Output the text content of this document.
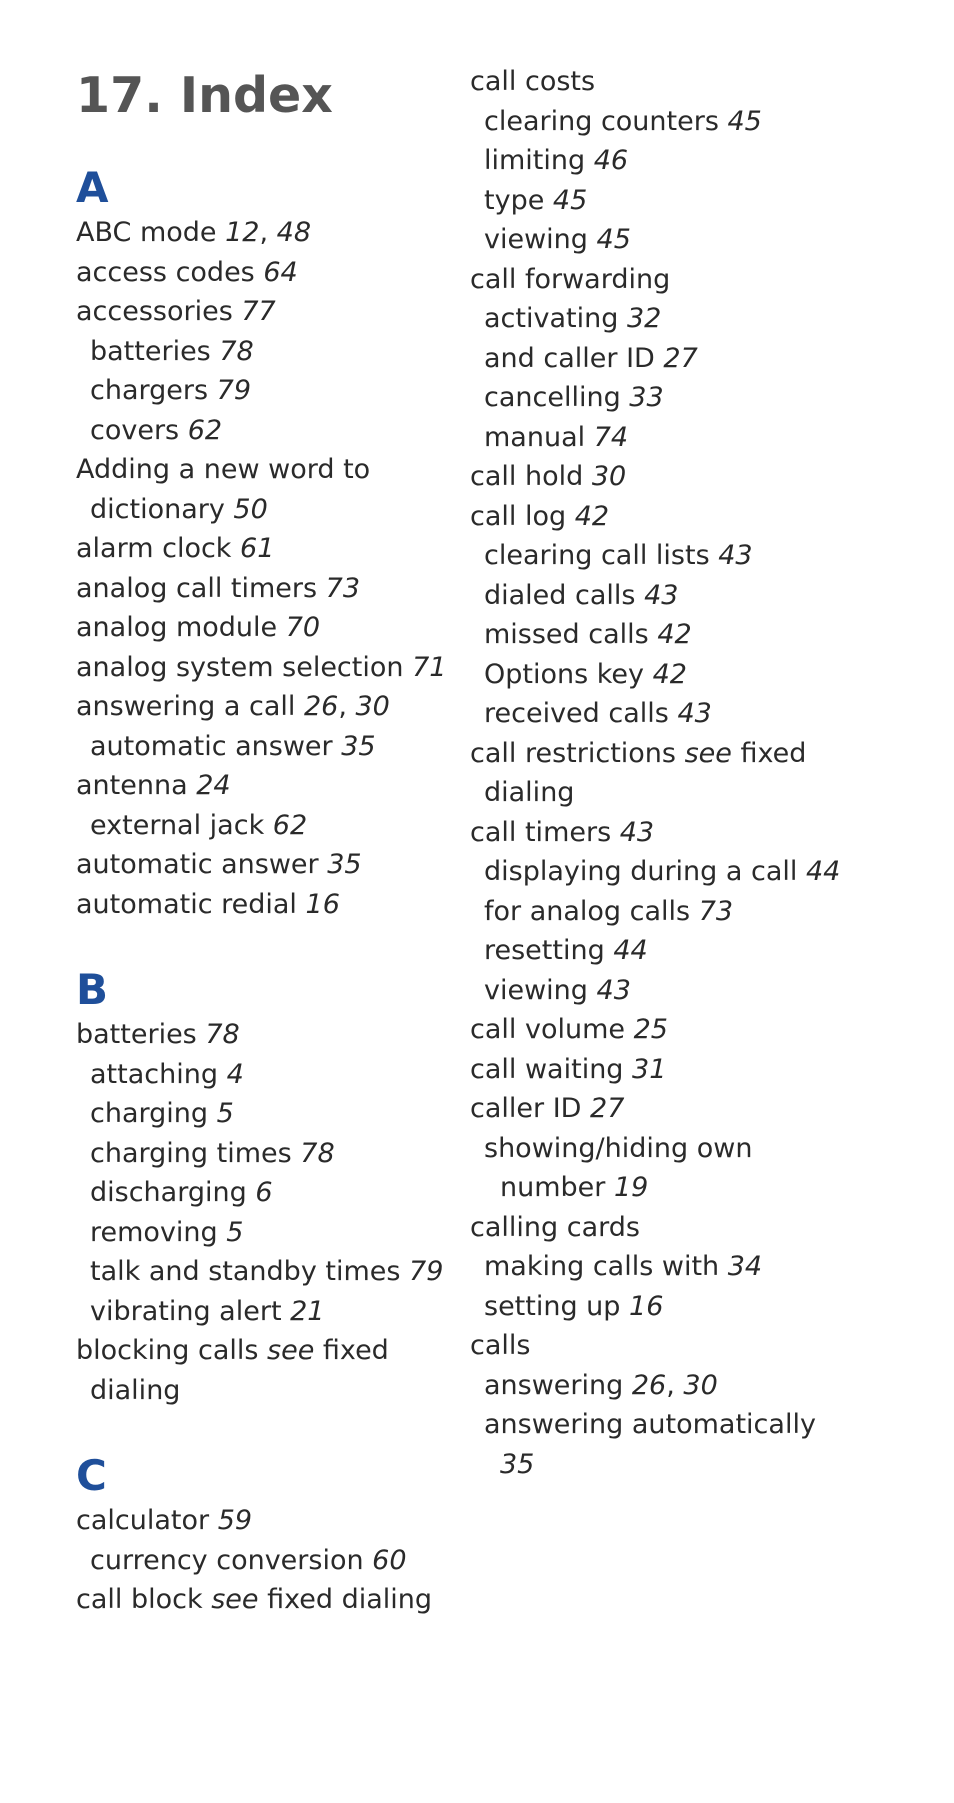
17. Index
A
ABC mode 12, 48
access codes 64
accessories 77
batteries 78
chargers 79
covers 62
Adding a new word to
dictionary 50
alarm clock 61
analog call timers 73
analog module 70
analog system selection 71
answering a call 26, 30
automatic answer 35
antenna 24
external jack 62
automatic answer 35
automatic redial 16
B
batteries 78
attaching 4
charging 5
charging times 78
discharging 6
removing 5
talk and standby times 79
vibrating alert 21
blocking calls see fixed
dialing
C
calculator 59
currency conversion 60
call block see fixed dialing
call costs
clearing counters 45
limiting 46
type 45
viewing 45
call forwarding
activating 32
and caller ID 27
cancelling 33
manual 74
call hold 30
call log 42
clearing call lists 43
dialed calls 43
missed calls 42
Options key 42
received calls 43
call restrictions see fixed
dialing
call timers 43
displaying during a call 44
for analog calls 73
resetting 44
viewing 43
call volume 25
call waiting 31
caller ID 27
showing/hiding own
number 19
calling cards
making calls with 34
setting up 16
calls
answering 26, 30
answering automatically
35
